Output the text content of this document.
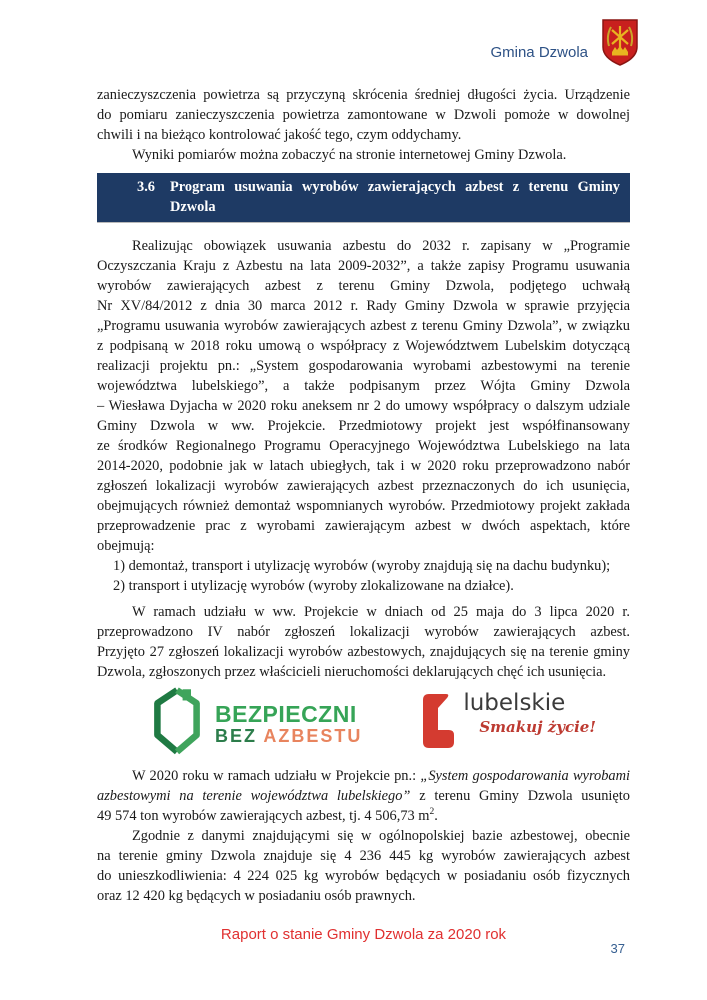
Gmina Dzwola
zanieczyszczenia powietrza są przyczyną skrócenia średniej długości życia. Urządzenie
do pomiaru zanieczyszczenia powietrza zamontowane w Dzwoli pomoże w dowolnej
chwili i na bieżąco kontrolować jakość tego, czym oddychamy.
Wyniki pomiarów można zobaczyć na stronie internetowej Gminy Dzwola.
3.6	Program usuwania wyrobów zawierających azbest z terenu Gminy
Dzwola
Realizując obowiązek usuwania azbestu do 2032 r. zapisany w „Programie
Oczyszczania Kraju z Azbestu na lata 2009-2032”, a także zapisy Programu usuwania
wyrobów zawierających azbest z terenu Gminy Dzwola, podjętego uchwałą
Nr XV/84/2012 z dnia 30 marca 2012 r. Rady Gminy Dzwola w sprawie przyjęcia
„Programu usuwania wyrobów zawierających azbest z terenu Gminy Dzwola”, w związku
z podpisaną w 2018 roku umową o współpracy z Województwem Lubelskim dotyczącą
realizacji projektu pn.: „System gospodarowania wyrobami azbestowymi na terenie
województwa lubelskiego”, a także podpisanym przez Wójta Gminy Dzwola
– Wiesława Dyjacha w 2020 roku aneksem nr 2 do umowy współpracy o dalszym udziale
Gminy Dzwola w ww. Projekcie. Przedmiotowy projekt jest współfinansowany
ze środków Regionalnego Programu Operacyjnego Województwa Lubelskiego na lata
2014-2020, podobnie jak w latach ubiegłych, tak i w 2020 roku przeprowadzono nabór
zgłoszeń lokalizacji wyrobów zawierających azbest przeznaczonych do ich usunięcia,
obejmujących również demontaż wspomnianych wyrobów. Przedmiotowy projekt zakłada
przeprowadzenie prac z wyrobami zawierającym azbest w dwóch aspektach, które
obejmują:
1) demontaż, transport i utylizację wyrobów (wyroby znajdują się na dachu budynku);
2) transport i utylizację wyrobów (wyroby zlokalizowane na działce).
W ramach udziału w ww. Projekcie w dniach od 25 maja do 3 lipca 2020 r.
przeprowadzono IV nabór zgłoszeń lokalizacji wyrobów zawierających azbest.
Przyjęto 27 zgłoszeń lokalizacji wyrobów azbestowych, znajdujących się na terenie gminy
Dzwola, zgłoszonych przez właścicieli nieruchomości deklarujących chęć ich usunięcia.
BEZPIECZNI
BEZ AZBESTU
lubelskie
Smakuj życie!
W 2020 roku w ramach udziału w Projekcie pn.: „System gospodarowania wyrobami
azbestowymi na terenie województwa lubelskiego” z terenu Gminy Dzwola usunięto
49 574 ton wyrobów zawierających azbest, tj. 4 506,73 $m^2$.
Zgodnie z danymi znajdującymi się w ogólnopolskiej bazie azbestowej, obecnie
na terenie gminy Dzwola znajduje się 4 236 445 kg wyrobów zawierających azbest
do unieszkodliwienia: 4 224 025 kg wyrobów będących w posiadaniu osób fizycznych
oraz 12 420 kg będących w posiadaniu osób prawnych.
Raport o stanie Gminy Dzwola za 2020 rok
37
